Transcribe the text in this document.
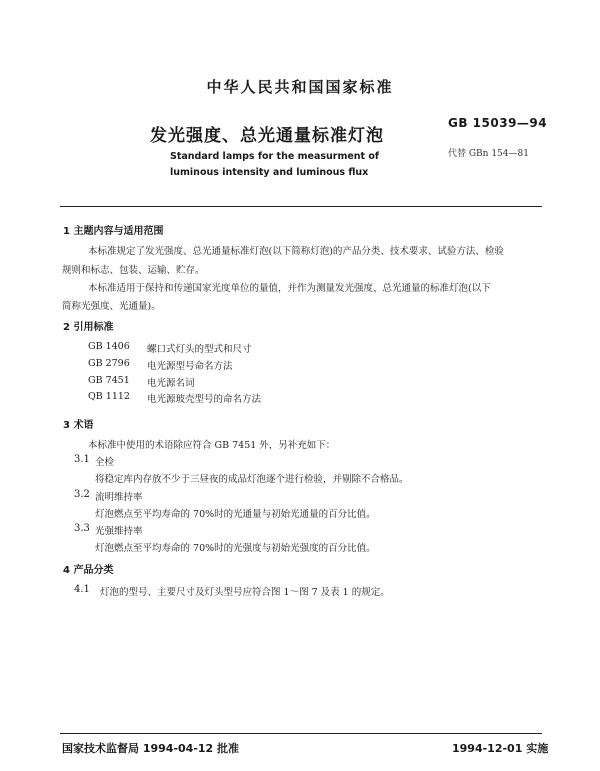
中华人民共和国国家标准
GB 15039—94
发光强度、总光通量标准灯泡
Standard lamps for the measurment of
luminous intensity and luminous flux
代替 GBn 154—81
1 主题内容与适用范围
本标准规定了发光强度、总光通量标准灯泡(以下简称灯泡)的产品分类、技术要求、试验方法、检验
规则和标志、包装、运输、贮存。
本标准适用于保持和传递国家光度单位的量值，并作为测量发光强度、总光通量的标准灯泡(以下
简称光强度、光通量)。
2 引用标准
GB 1406 螺口式灯头的型式和尺寸
GB 2796 电光源型号命名方法
GB 7451 电光源名词
QB 1112 电光源玻壳型号的命名方法
3 术语
本标准中使用的术语除应符合 GB 7451 外，另补充如下：
3.1 全检
将稳定库内存放不少于三昼夜的成品灯泡逐个进行检验，并剔除不合格品。
3.2 流明维持率
灯泡燃点至平均寿命的 70%时的光通量与初始光通量的百分比值。
3.3 光强维持率
灯泡燃点至平均寿命的 70%时的光强度与初始光强度的百分比值。
4 产品分类
4.1 灯泡的型号、主要尺寸及灯头型号应符合图 1～图 7 及表 1 的规定。
国家技术监督局 1994-04-12 批准	1994-12-01 实施
